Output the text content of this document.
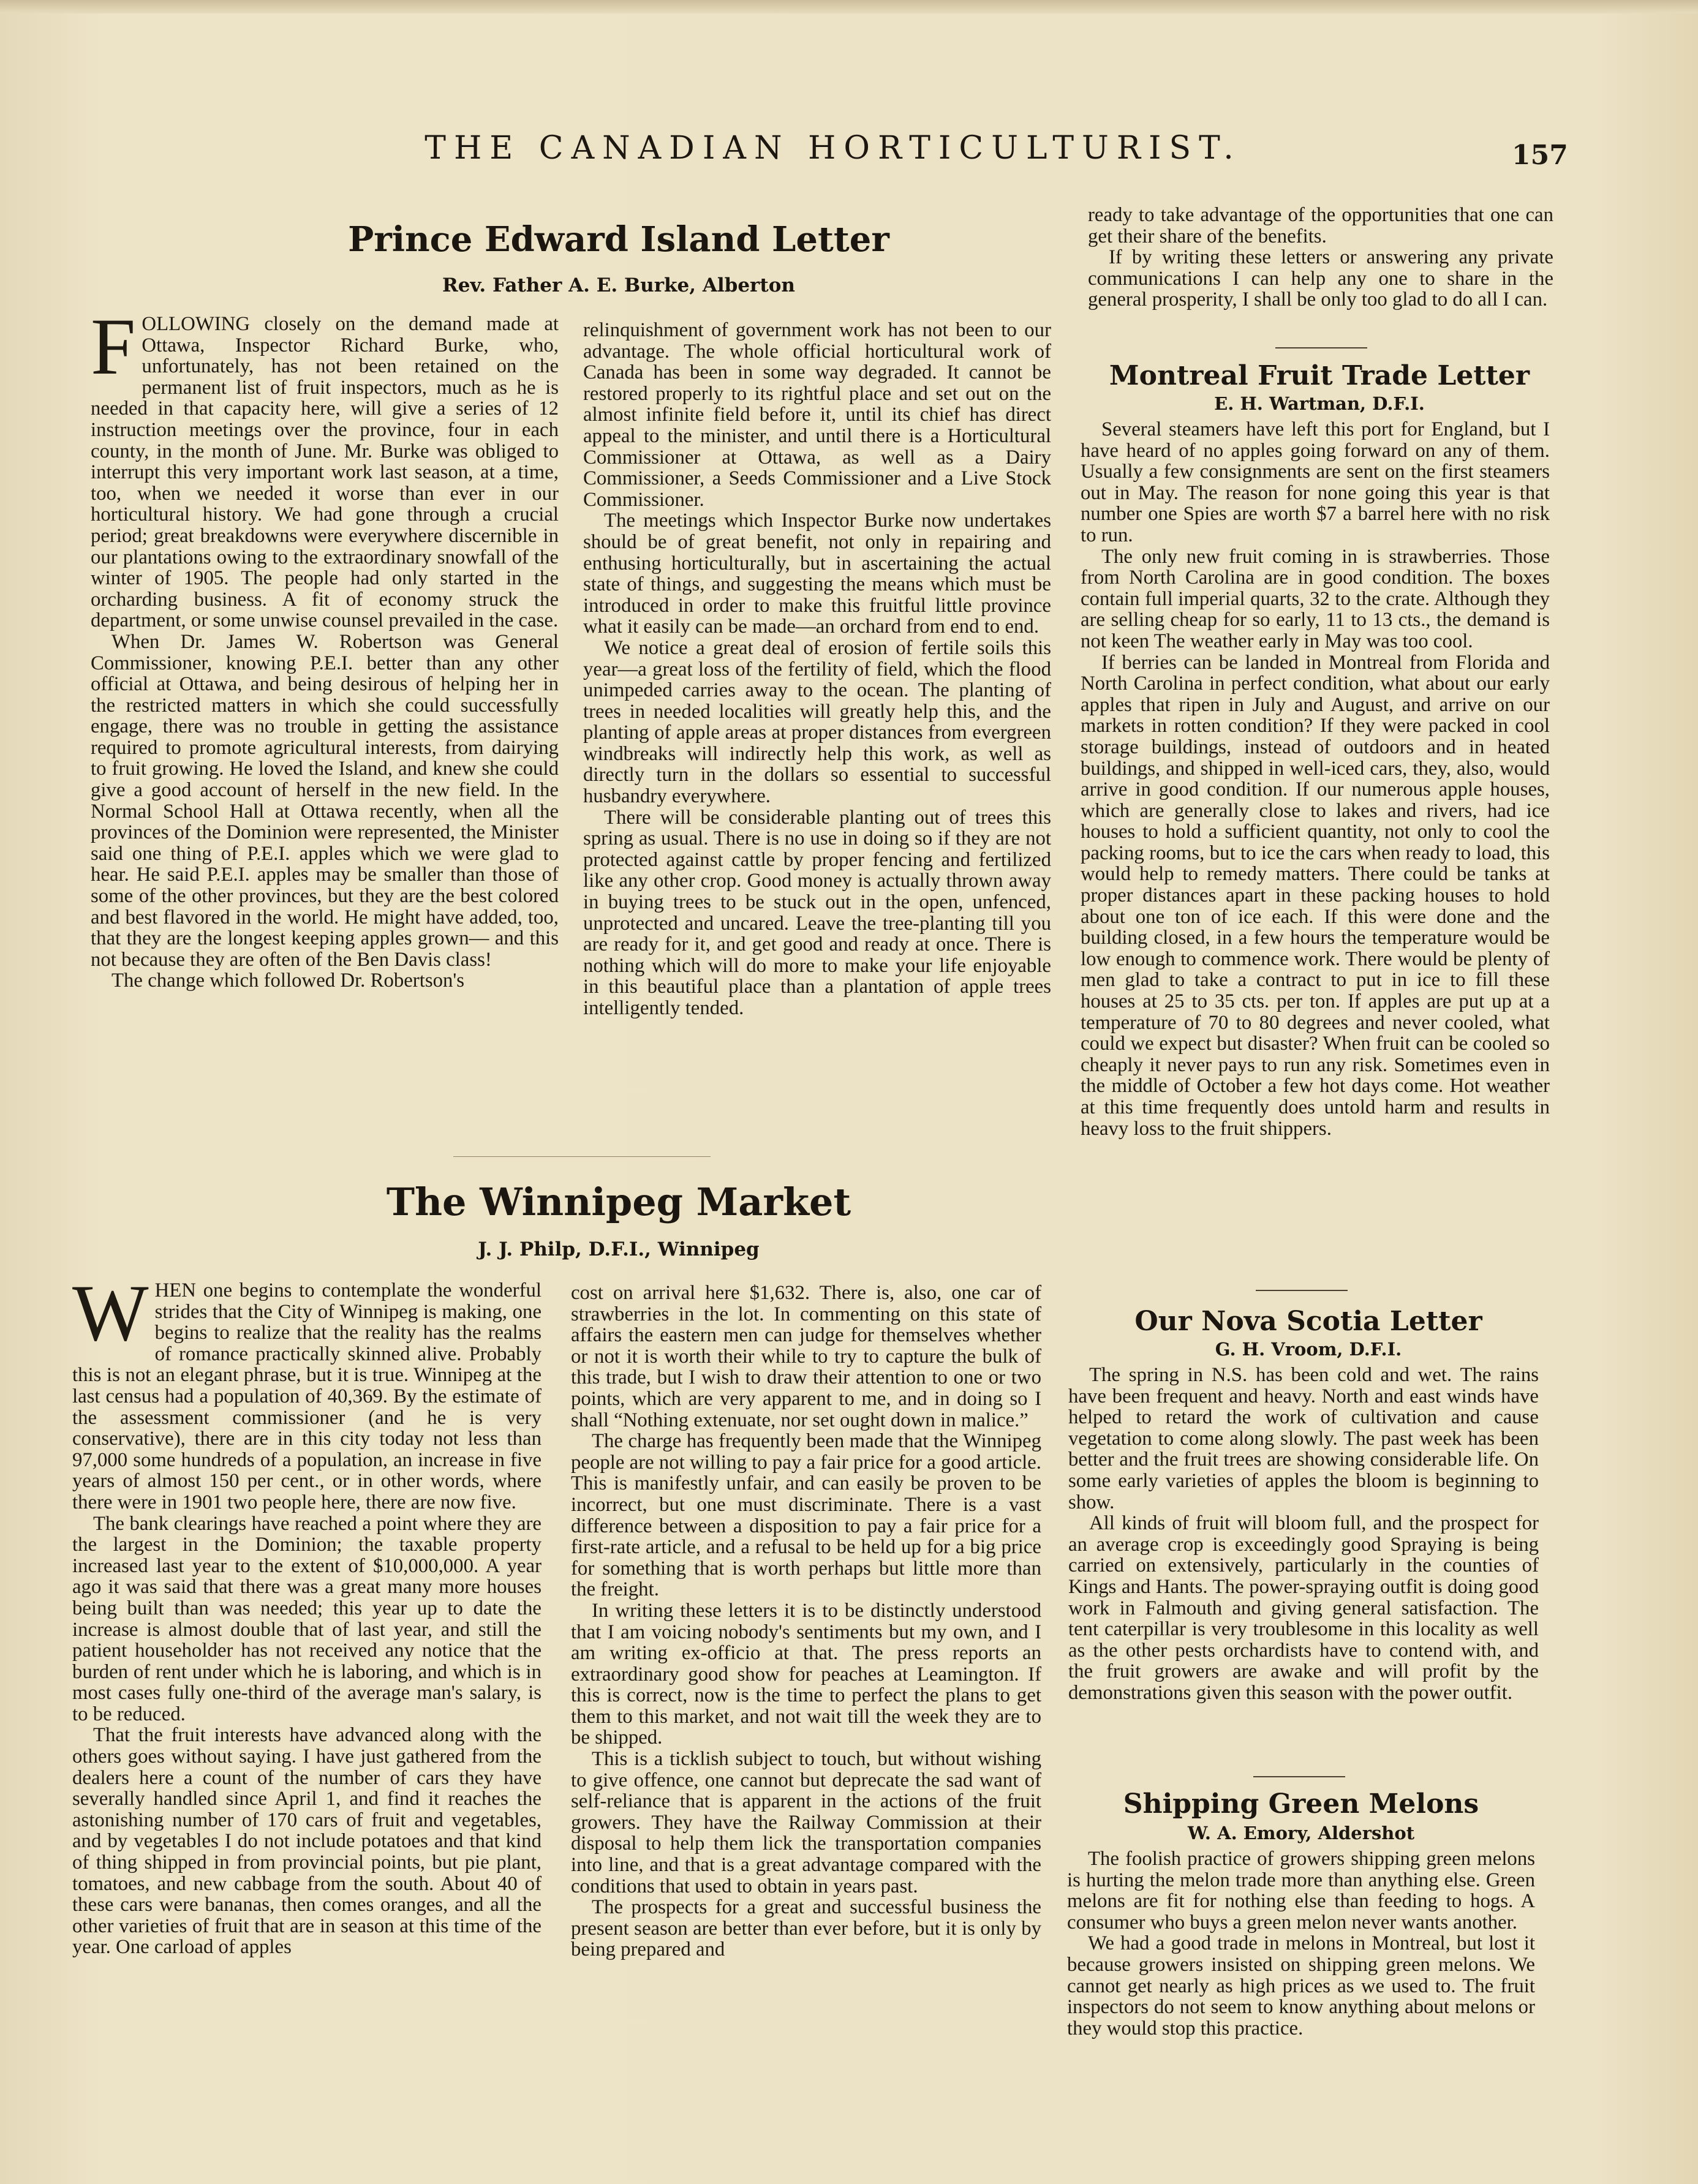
THE CANADIAN HORTICULTURIST.	157
Prince Edward Island Letter
Rev. Father A. E. Burke, Alberton

FOLLOWING closely on the demand made at Ottawa, Inspector Richard Burke, who, unfortunately, has not been retained on the permanent list of fruit inspectors, much as he is needed in that capacity here, will give a series of 12 instruction meetings over the province, four in each county, in the month of June. Mr. Burke was obliged to interrupt this very important work last season, at a time, too, when we needed it worse than ever in our horticultural history. We had gone through a crucial period; great breakdowns were everywhere discernible in our plantations owing to the extraordinary snowfall of the winter of 1905. The people had only started in the orcharding business. A fit of economy struck the department, or some unwise counsel prevailed in the case.

When Dr. James W. Robertson was General Commissioner, knowing P.E.I. better than any other official at Ottawa, and being desirous of helping her in the restricted matters in which she could successfully engage, there was no trouble in getting the assistance required to promote agricultural interests, from dairying to fruit growing. He loved the Island, and knew she could give a good account of herself in the new field. In the Normal School Hall at Ottawa recently, when all the provinces of the Dominion were represented, the Minister said one thing of P.E.I. apples which we were glad to hear. He said P.E.I. apples may be smaller than those of some of the other provinces, but they are the best colored and best flavored in the world. He might have added, too, that they are the longest keeping apples grown— and this not because they are often of the Ben Davis class!

The change which followed Dr. Robertson's

relinquishment of government work has not been to our advantage. The whole official horticultural work of Canada has been in some way degraded. It cannot be restored properly to its rightful place and set out on the almost infinite field before it, until its chief has direct appeal to the minister, and until there is a Horticultural Commissioner at Ottawa, as well as a Dairy Commissioner, a Seeds Commissioner and a Live Stock Commissioner.

The meetings which Inspector Burke now undertakes should be of great benefit, not only in repairing and enthusing horticulturally, but in ascertaining the actual state of things, and suggesting the means which must be introduced in order to make this fruitful little province what it easily can be made—an orchard from end to end.

We notice a great deal of erosion of fertile soils this year—a great loss of the fertility of field, which the flood unimpeded carries away to the ocean. The planting of trees in needed localities will greatly help this, and the planting of apple areas at proper distances from evergreen windbreaks will indirectly help this work, as well as directly turn in the dollars so essential to successful husbandry everywhere.

There will be considerable planting out of trees this spring as usual. There is no use in doing so if they are not protected against cattle by proper fencing and fertilized like any other crop. Good money is actually thrown away in buying trees to be stuck out in the open, unfenced, unprotected and uncared. Leave the tree-planting till you are ready for it, and get good and ready at once. There is nothing which will do more to make your life enjoyable in this beautiful place than a plantation of apple trees intelligently tended.

ready to take advantage of the opportunities that one can get their share of the benefits.

If by writing these letters or answering any private communications I can help any one to share in the general prosperity, I shall be only too glad to do all I can.

The Winnipeg Market
J. J. Philp, D.F.I., Winnipeg

WHEN one begins to contemplate the wonderful strides that the City of Winnipeg is making, one begins to realize that the reality has the realms of romance practically skinned alive. Probably this is not an elegant phrase, but it is true. Winnipeg at the last census had a population of 40,369. By the estimate of the assessment commissioner (and he is very conservative), there are in this city today not less than 97,000 some hundreds of a population, an increase in five years of almost 150 per cent., or in other words, where there were in 1901 two people here, there are now five.

The bank clearings have reached a point where they are the largest in the Dominion; the taxable property increased last year to the extent of $10,000,000. A year ago it was said that there was a great many more houses being built than was needed; this year up to date the increase is almost double that of last year, and still the patient householder has not received any notice that the burden of rent under which he is laboring, and which is in most cases fully one-third of the average man's salary, is to be reduced.

That the fruit interests have advanced along with the others goes without saying. I have just gathered from the dealers here a count of the number of cars they have severally handled since April 1, and find it reaches the astonishing number of 170 cars of fruit and vegetables, and by vegetables I do not include potatoes and that kind of thing shipped in from provincial points, but pie plant, tomatoes, and new cabbage from the south. About 40 of these cars were bananas, then comes oranges, and all the other varieties of fruit that are in season at this time of the year. One carload of apples

cost on arrival here $1,632. There is, also, one car of strawberries in the lot. In commenting on this state of affairs the eastern men can judge for themselves whether or not it is worth their while to try to capture the bulk of this trade, but I wish to draw their attention to one or two points, which are very apparent to me, and in doing so I shall “Nothing extenuate, nor set ought down in malice.”

The charge has frequently been made that the Winnipeg people are not willing to pay a fair price for a good article. This is manifestly unfair, and can easily be proven to be incorrect, but one must discriminate. There is a vast difference between a disposition to pay a fair price for a first-rate article, and a refusal to be held up for a big price for something that is worth perhaps but little more than the freight.

In writing these letters it is to be distinctly understood that I am voicing nobody's sentiments but my own, and I am writing ex-officio at that. The press reports an extraordinary good show for peaches at Leamington. If this is correct, now is the time to perfect the plans to get them to this market, and not wait till the week they are to be shipped.

This is a ticklish subject to touch, but without wishing to give offence, one cannot but deprecate the sad want of self-reliance that is apparent in the actions of the fruit growers. They have the Railway Commission at their disposal to help them lick the transportation companies into line, and that is a great advantage compared with the conditions that used to obtain in years past.

The prospects for a great and successful business the present season are better than ever before, but it is only by being prepared and

Montreal Fruit Trade Letter
E. H. Wartman, D.F.I.

Several steamers have left this port for England, but I have heard of no apples going forward on any of them. Usually a few consignments are sent on the first steamers out in May. The reason for none going this year is that number one Spies are worth $7 a barrel here with no risk to run.

The only new fruit coming in is strawberries. Those from North Carolina are in good condition. The boxes contain full imperial quarts, 32 to the crate. Although they are selling cheap for so early, 11 to 13 cts., the demand is not keen The weather early in May was too cool.

If berries can be landed in Montreal from Florida and North Carolina in perfect condition, what about our early apples that ripen in July and August, and arrive on our markets in rotten condition? If they were packed in cool storage buildings, instead of outdoors and in heated buildings, and shipped in well-iced cars, they, also, would arrive in good condition. If our numerous apple houses, which are generally close to lakes and rivers, had ice houses to hold a sufficient quantity, not only to cool the packing rooms, but to ice the cars when ready to load, this would help to remedy matters. There could be tanks at proper distances apart in these packing houses to hold about one ton of ice each. If this were done and the building closed, in a few hours the temperature would be low enough to commence work. There would be plenty of men glad to take a contract to put in ice to fill these houses at 25 to 35 cts. per ton. If apples are put up at a temperature of 70 to 80 degrees and never cooled, what could we expect but disaster? When fruit can be cooled so cheaply it never pays to run any risk. Sometimes even in the middle of October a few hot days come. Hot weather at this time frequently does untold harm and results in heavy loss to the fruit shippers.

Our Nova Scotia Letter
G. H. Vroom, D.F.I.

The spring in N.S. has been cold and wet. The rains have been frequent and heavy. North and east winds have helped to retard the work of cultivation and cause vegetation to come along slowly. The past week has been better and the fruit trees are showing considerable life. On some early varieties of apples the bloom is beginning to show.

All kinds of fruit will bloom full, and the prospect for an average crop is exceedingly good Spraying is being carried on extensively, particularly in the counties of Kings and Hants. The power-spraying outfit is doing good work in Falmouth and giving general satisfaction. The tent caterpillar is very troublesome in this locality as well as the other pests orchardists have to contend with, and the fruit growers are awake and will profit by the demonstrations given this season with the power outfit.

Shipping Green Melons
W. A. Emory, Aldershot

The foolish practice of growers shipping green melons is hurting the melon trade more than anything else. Green melons are fit for nothing else than feeding to hogs. A consumer who buys a green melon never wants another.

We had a good trade in melons in Montreal, but lost it because growers insisted on shipping green melons. We cannot get nearly as high prices as we used to. The fruit inspectors do not seem to know anything about melons or they would stop this practice.
